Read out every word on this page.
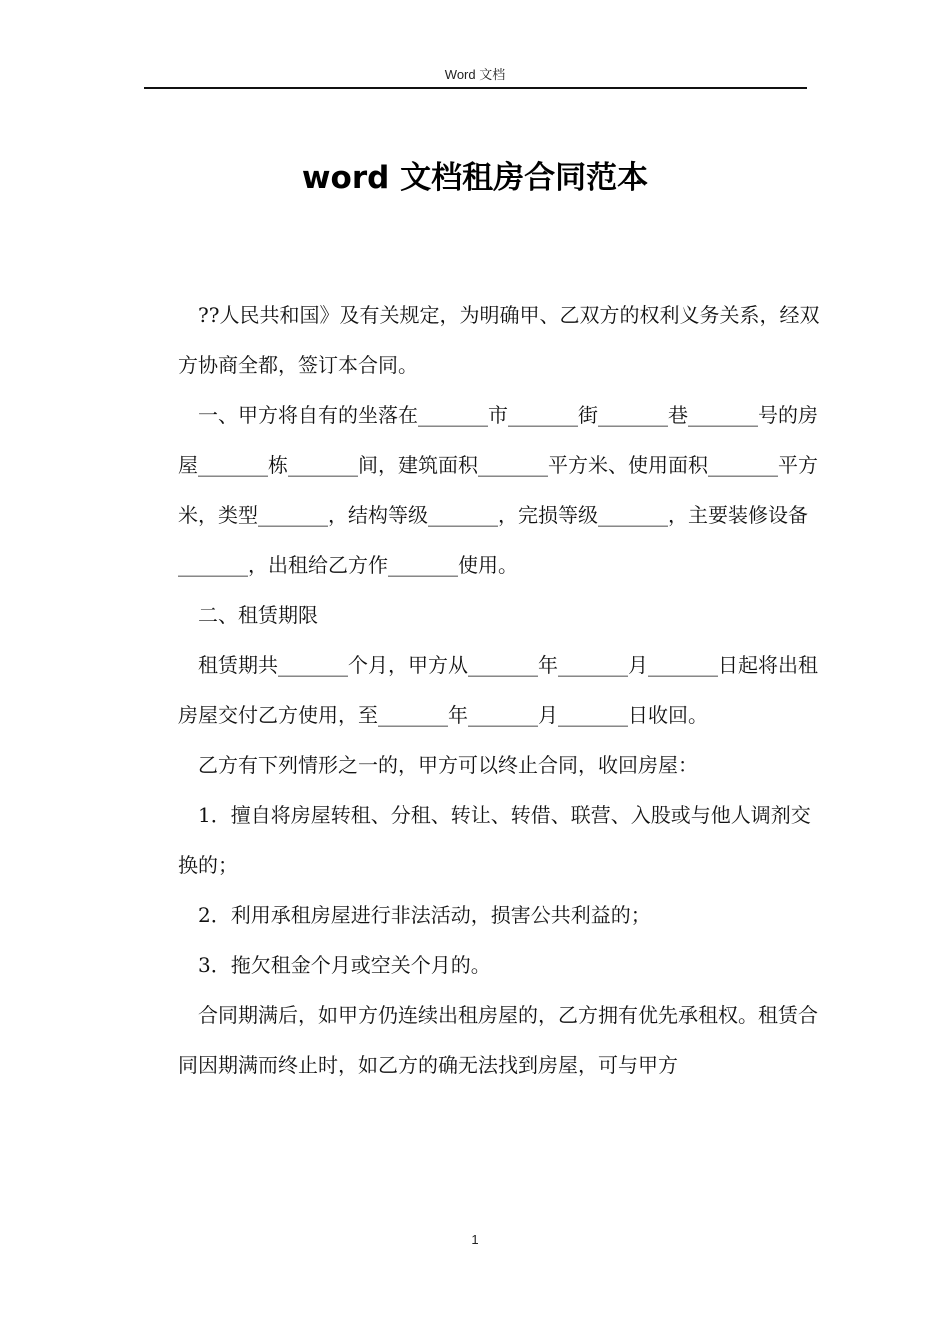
Word 文档
word 文档租房合同范本

??人民共和国》及有关规定，为明确甲、乙双方的权利义务关系，经双方协商全都，签订本合同。

一、甲方将自有的坐落在_______市_______街_______巷_______号的房屋_______栋_______间，建筑面积_______平方米、使用面积_______平方米，类型_______，结构等级_______，完损等级_______，主要装修设备_______，出租给乙方作_______使用。

二、租赁期限

租赁期共_______个月，甲方从_______年_______月_______日起将出租房屋交付乙方使用，至_______年_______月_______日收回。

乙方有下列情形之一的，甲方可以终止合同，收回房屋：

1．擅自将房屋转租、分租、转让、转借、联营、入股或与他人调剂交换的；

2．利用承租房屋进行非法活动，损害公共利益的；

3．拖欠租金个月或空关个月的。

合同期满后，如甲方仍连续出租房屋的，乙方拥有优先承租权。租赁合同因期满而终止时，如乙方的确无法找到房屋，可与甲方

1
